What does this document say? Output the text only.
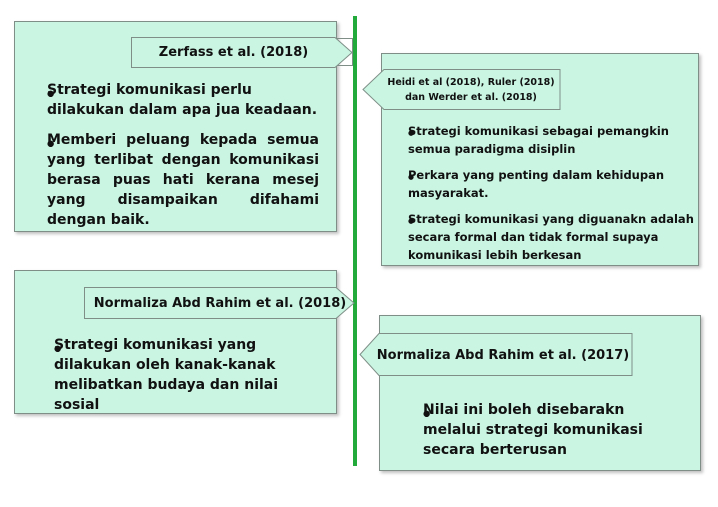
● Strategi komunikasi perlu dilakukan dalam apa jua keadaan.
● Memberi peluang kepada semua yang terlibat dengan komunikasi berasa puas hati kerana mesej yang disampaikan difahami dengan baik.
Zerfass et al. (2018)
● Strategi komunikasi sebagai pemangkin semua paradigma disiplin
● Perkara yang penting dalam kehidupan masyarakat.
● Strategi komunikasi yang diguanakn adalah secara formal dan tidak formal supaya komunikasi lebih berkesan
Heidi et al (2018), Ruler (2018)
dan Werder et al. (2018)
● Strategi komunikasi yang dilakukan oleh kanak-kanak melibatkan budaya dan nilai sosial
Normaliza Abd Rahim et al. (2018)
● Nilai ini boleh disebarakn melalui strategi komunikasi secara berterusan
Normaliza Abd Rahim et al. (2017)
